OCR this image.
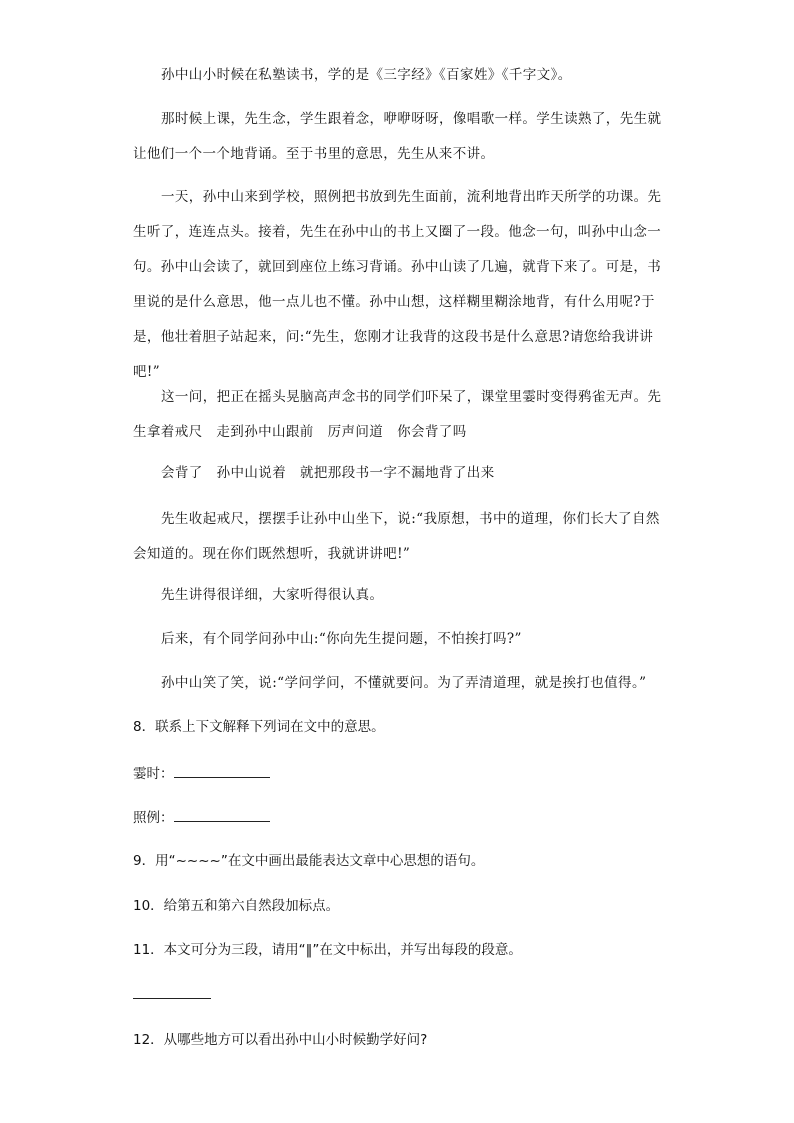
孙中山小时候在私塾读书，学的是《三字经》《百家姓》《千字文》。

那时候上课，先生念，学生跟着念，咿咿呀呀，像唱歌一样。学生读熟了，先生就让他们一个一个地背诵。至于书里的意思，先生从来不讲。

一天，孙中山来到学校，照例把书放到先生面前，流利地背出昨天所学的功课。先生听了，连连点头。接着，先生在孙中山的书上又圈了一段。他念一句，叫孙中山念一句。孙中山会读了，就回到座位上练习背诵。孙中山读了几遍，就背下来了。可是，书里说的是什么意思，他一点儿也不懂。孙中山想，这样糊里糊涂地背，有什么用呢?于是，他壮着胆子站起来，问:“先生，您刚才让我背的这段书是什么意思?请您给我讲讲吧!”

这一问，把正在摇头晃脑高声念书的同学们吓呆了，课堂里霎时变得鸦雀无声。先生拿着戒尺　走到孙中山跟前　厉声问道　你会背了吗

会背了　孙中山说着　就把那段书一字不漏地背了出来

先生收起戒尺，摆摆手让孙中山坐下，说:“我原想，书中的道理，你们长大了自然会知道的。现在你们既然想听，我就讲讲吧!”

先生讲得很详细，大家听得很认真。

后来，有个同学问孙中山:“你向先生提问题，不怕挨打吗?”

孙中山笑了笑，说:“学问学问，不懂就要问。为了弄清道理，就是挨打也值得。”

8．联系上下文解释下列词在文中的意思。

霎时：

照例：

9．用“~~~~”在文中画出最能表达文章中心思想的语句。

10．给第五和第六自然段加标点。

11．本文可分为三段，请用“‖”在文中标出，并写出每段的段意。

12．从哪些地方可以看出孙中山小时候勤学好问?
